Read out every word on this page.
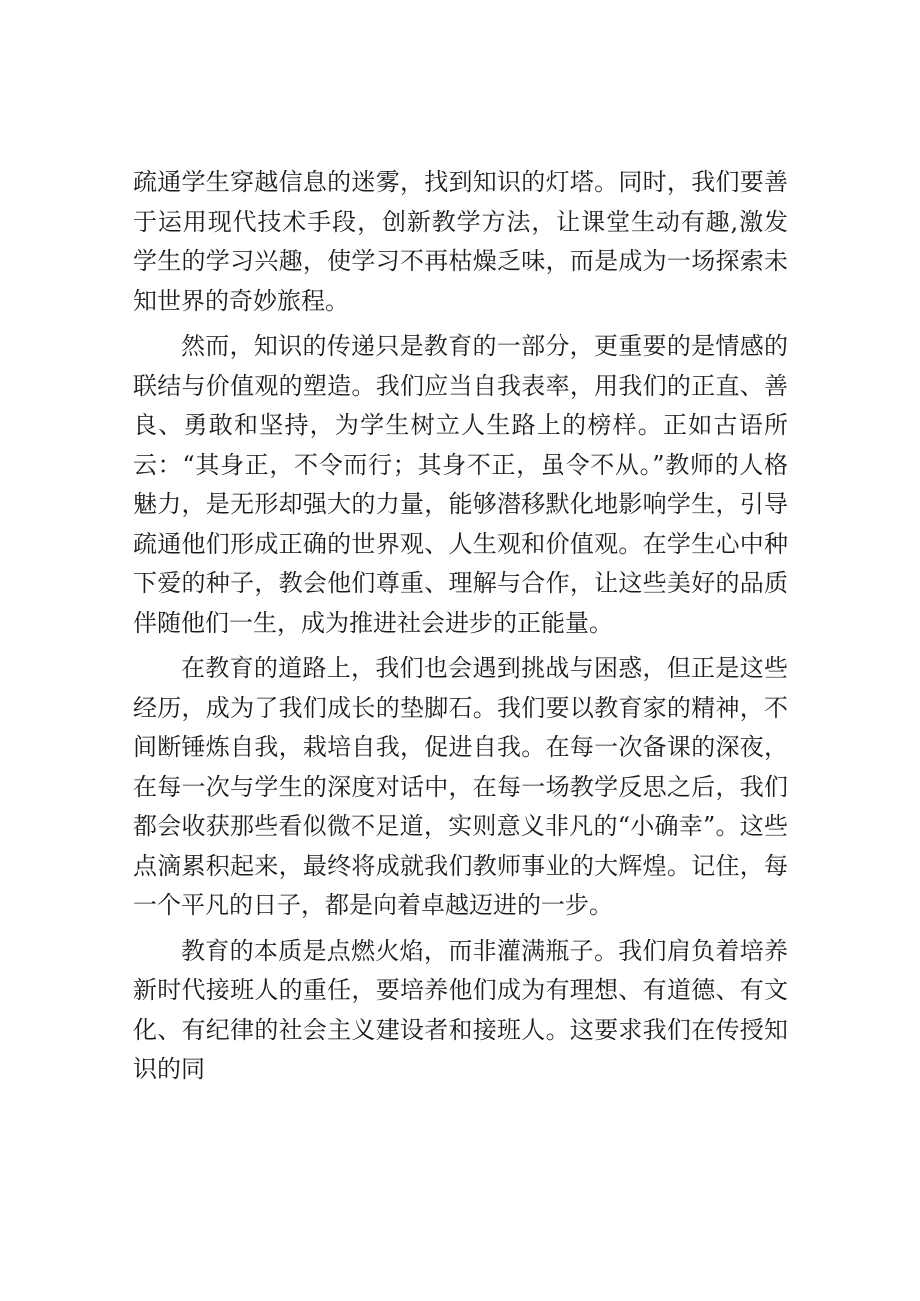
疏通学生穿越信息的迷雾，找到知识的灯塔。同时，我们要善于运用现代技术手段，创新教学方法，让课堂生动有趣,激发学生的学习兴趣，使学习不再枯燥乏味，而是成为一场探索未知世界的奇妙旅程。

然而，知识的传递只是教育的一部分，更重要的是情感的联结与价值观的塑造。我们应当自我表率，用我们的正直、善良、勇敢和坚持，为学生树立人生路上的榜样。正如古语所云：“其身正，不令而行；其身不正，虽令不从。”教师的人格魅力，是无形却强大的力量，能够潜移默化地影响学生，引导疏通他们形成正确的世界观、人生观和价值观。在学生心中种下爱的种子，教会他们尊重、理解与合作，让这些美好的品质伴随他们一生，成为推进社会进步的正能量。

在教育的道路上，我们也会遇到挑战与困惑，但正是这些经历，成为了我们成长的垫脚石。我们要以教育家的精神，不间断锤炼自我，栽培自我，促进自我。在每一次备课的深夜，在每一次与学生的深度对话中，在每一场教学反思之后，我们都会收获那些看似微不足道，实则意义非凡的“小确幸”。这些点滴累积起来，最终将成就我们教师事业的大辉煌。记住，每一个平凡的日子，都是向着卓越迈进的一步。

教育的本质是点燃火焰，而非灌满瓶子。我们肩负着培养新时代接班人的重任，要培养他们成为有理想、有道德、有文化、有纪律的社会主义建设者和接班人。这要求我们在传授知识的同
